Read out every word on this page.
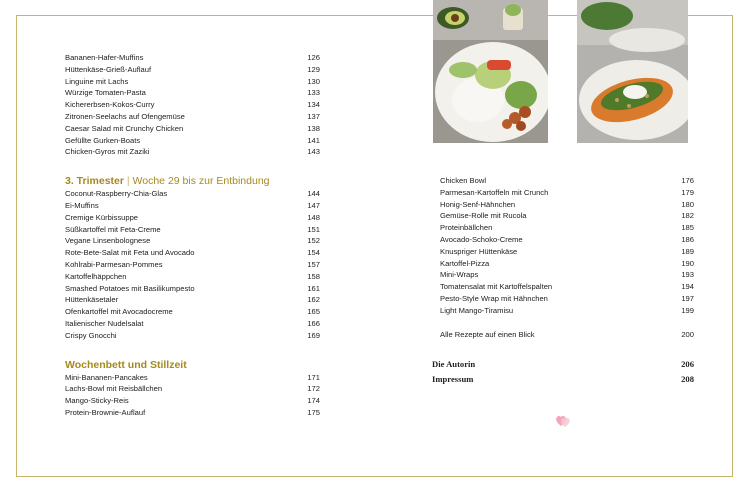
Bananen-Hafer-Muffins	126
Hüttenkäse-Grieß-Auflauf	129
Linguine mit Lachs	130
Würzige Tomaten-Pasta	133
Kichererbsen-Kokos-Curry	134
Zitronen-Seelachs auf Ofengemüse	137
Caesar Salad mit Crunchy Chicken	138
Gefüllte Gurken-Boats	141
Chicken-Gyros mit Zaziki	143
3. Trimester | Woche 29 bis zur Entbindung
Coconut-Raspberry-Chia-Glas	144
Ei-Muffins	147
Cremige Kürbissuppe	148
Süßkartoffel mit Feta-Creme	151
Vegane Linsenbolognese	152
Rote-Bete-Salat mit Feta und Avocado	154
Kohlrabi-Parmesan-Pommes	157
Kartoffelhäppchen	158
Smashed Potatoes mit Basilikumpesto	161
Hüttenkäsetaler	162
Ofenkartoffel mit Avocadocreme	165
Italienischer Nudelsalat	166
Crispy Gnocchi	169
Wochenbett und Stillzeit
Mini-Bananen-Pancakes	171
Lachs-Bowl mit Reisbällchen	172
Mango-Sticky-Reis	174
Protein-Brownie-Auflauf	175
Chicken Bowl	176
Parmesan-Kartoffeln mit Crunch	179
Honig-Senf-Hähnchen	180
Gemüse-Rolle mit Rucola	182
Proteinbällchen	185
Avocado-Schoko-Creme	186
Knuspriger Hüttenkäse	189
Kartoffel-Pizza	190
Mini-Wraps	193
Tomatensalat mit Kartoffelspalten	194
Pesto-Style Wrap mit Hähnchen	197
Light Mango-Tiramisu	199
Alle Rezepte auf einen Blick	200
Die Autorin	206
Impressum	208
